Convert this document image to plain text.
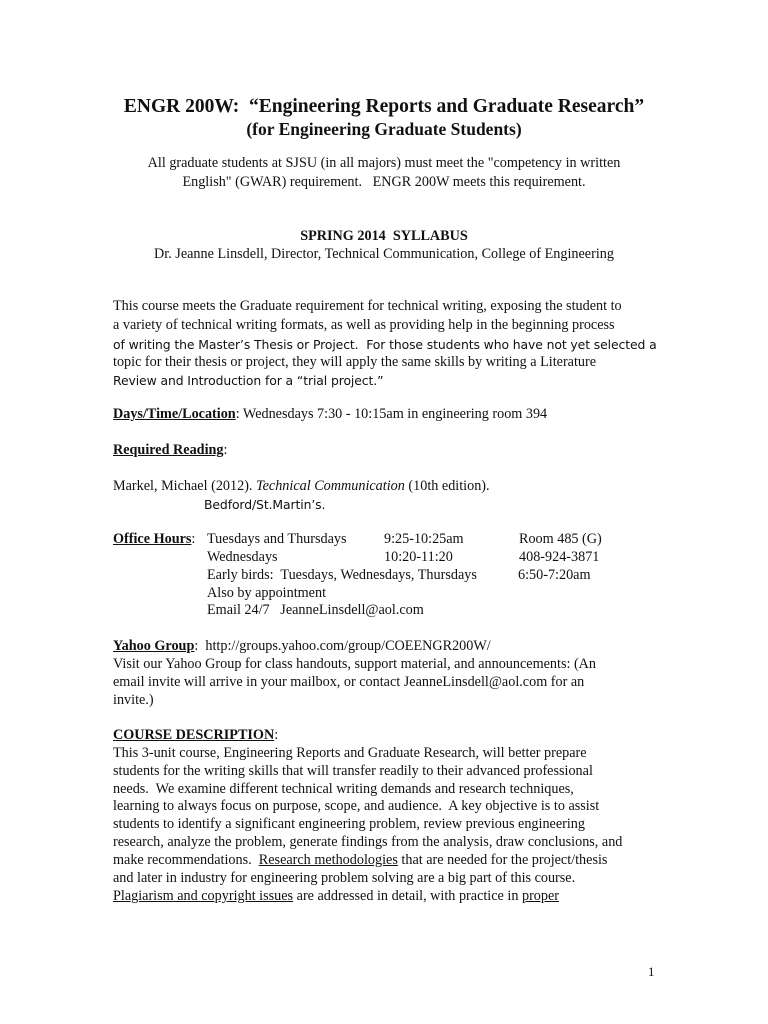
ENGR 200W:  “Engineering Reports and Graduate Research”
(for Engineering Graduate Students)
All graduate students at SJSU (in all majors) must meet the "competency in written
English" (GWAR) requirement.   ENGR 200W meets this requirement.
SPRING 2014  SYLLABUS
Dr. Jeanne Linsdell, Director, Technical Communication, College of Engineering
This course meets the Graduate requirement for technical writing, exposing the student to
a variety of technical writing formats, as well as providing help in the beginning process
of writing the Master’s Thesis or Project.  For those students who have not yet selected a
topic for their thesis or project, they will apply the same skills by writing a Literature
Review and Introduction for a “trial project.”
Days/Time/Location: Wednesdays 7:30 - 10:15am in engineering room 394
Required Reading:
Markel, Michael (2012). Technical Communication (10th edition).
Bedford/St.Martin’s.
Office Hours: Tuesdays and Thursdays	9:25-10:25am	Room 485 (G)
Wednesdays	10:20-11:20	408-924-3871
Early birds:  Tuesdays, Wednesdays, Thursdays	6:50-7:20am
Also by appointment
Email 24/7   JeanneLinsdell@aol.com
Yahoo Group:  http://groups.yahoo.com/group/COEENGR200W/
Visit our Yahoo Group for class handouts, support material, and announcements: (An
email invite will arrive in your mailbox, or contact JeanneLinsdell@aol.com for an
invite.)
COURSE DESCRIPTION:
This 3-unit course, Engineering Reports and Graduate Research, will better prepare
students for the writing skills that will transfer readily to their advanced professional
needs.  We examine different technical writing demands and research techniques,
learning to always focus on purpose, scope, and audience.  A key objective is to assist
students to identify a significant engineering problem, review previous engineering
research, analyze the problem, generate findings from the analysis, draw conclusions, and
make recommendations.  Research methodologies that are needed for the project/thesis
and later in industry for engineering problem solving are a big part of this course.
Plagiarism and copyright issues are addressed in detail, with practice in proper
1
